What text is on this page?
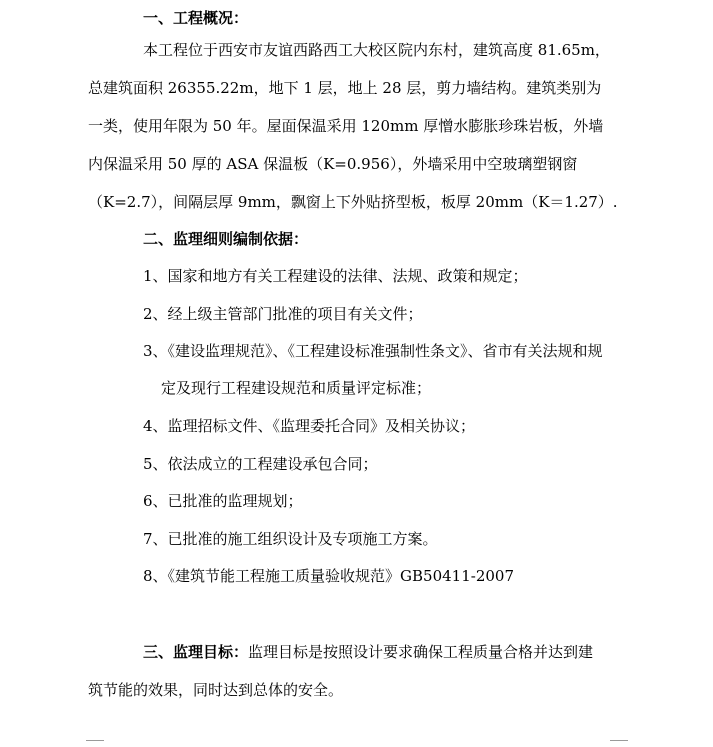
一、工程概况：
本工程位于西安市友谊西路西工大校区院内东村，建筑高度 81.65m，
总建筑面积 26355.22m，地下 1 层，地上 28 层，剪力墙结构。建筑类别为
一类，使用年限为 50 年。屋面保温采用 120mm 厚憎水膨胀珍珠岩板，外墙
内保温采用 50 厚的 ASA 保温板（K=0.956），外墙采用中空玻璃塑钢窗
（K=2.7），间隔层厚 9mm，飘窗上下外贴挤型板，板厚 20mm（K＝1.27）.
二、监理细则编制依据：
1、国家和地方有关工程建设的法律、法规、政策和规定；
2、经上级主管部门批准的项目有关文件；
3、《建设监理规范》、《工程建设标准强制性条文》、省市有关法规和规
定及现行工程建设规范和质量评定标准；
4、监理招标文件、《监理委托合同》及相关协议；
5、依法成立的工程建设承包合同；
6、已批准的监理规划；
7、已批准的施工组织设计及专项施工方案。
8、《建筑节能工程施工质量验收规范》GB50411-2007
三、监理目标：监理目标是按照设计要求确保工程质量合格并达到建
筑节能的效果，同时达到总体的安全。
